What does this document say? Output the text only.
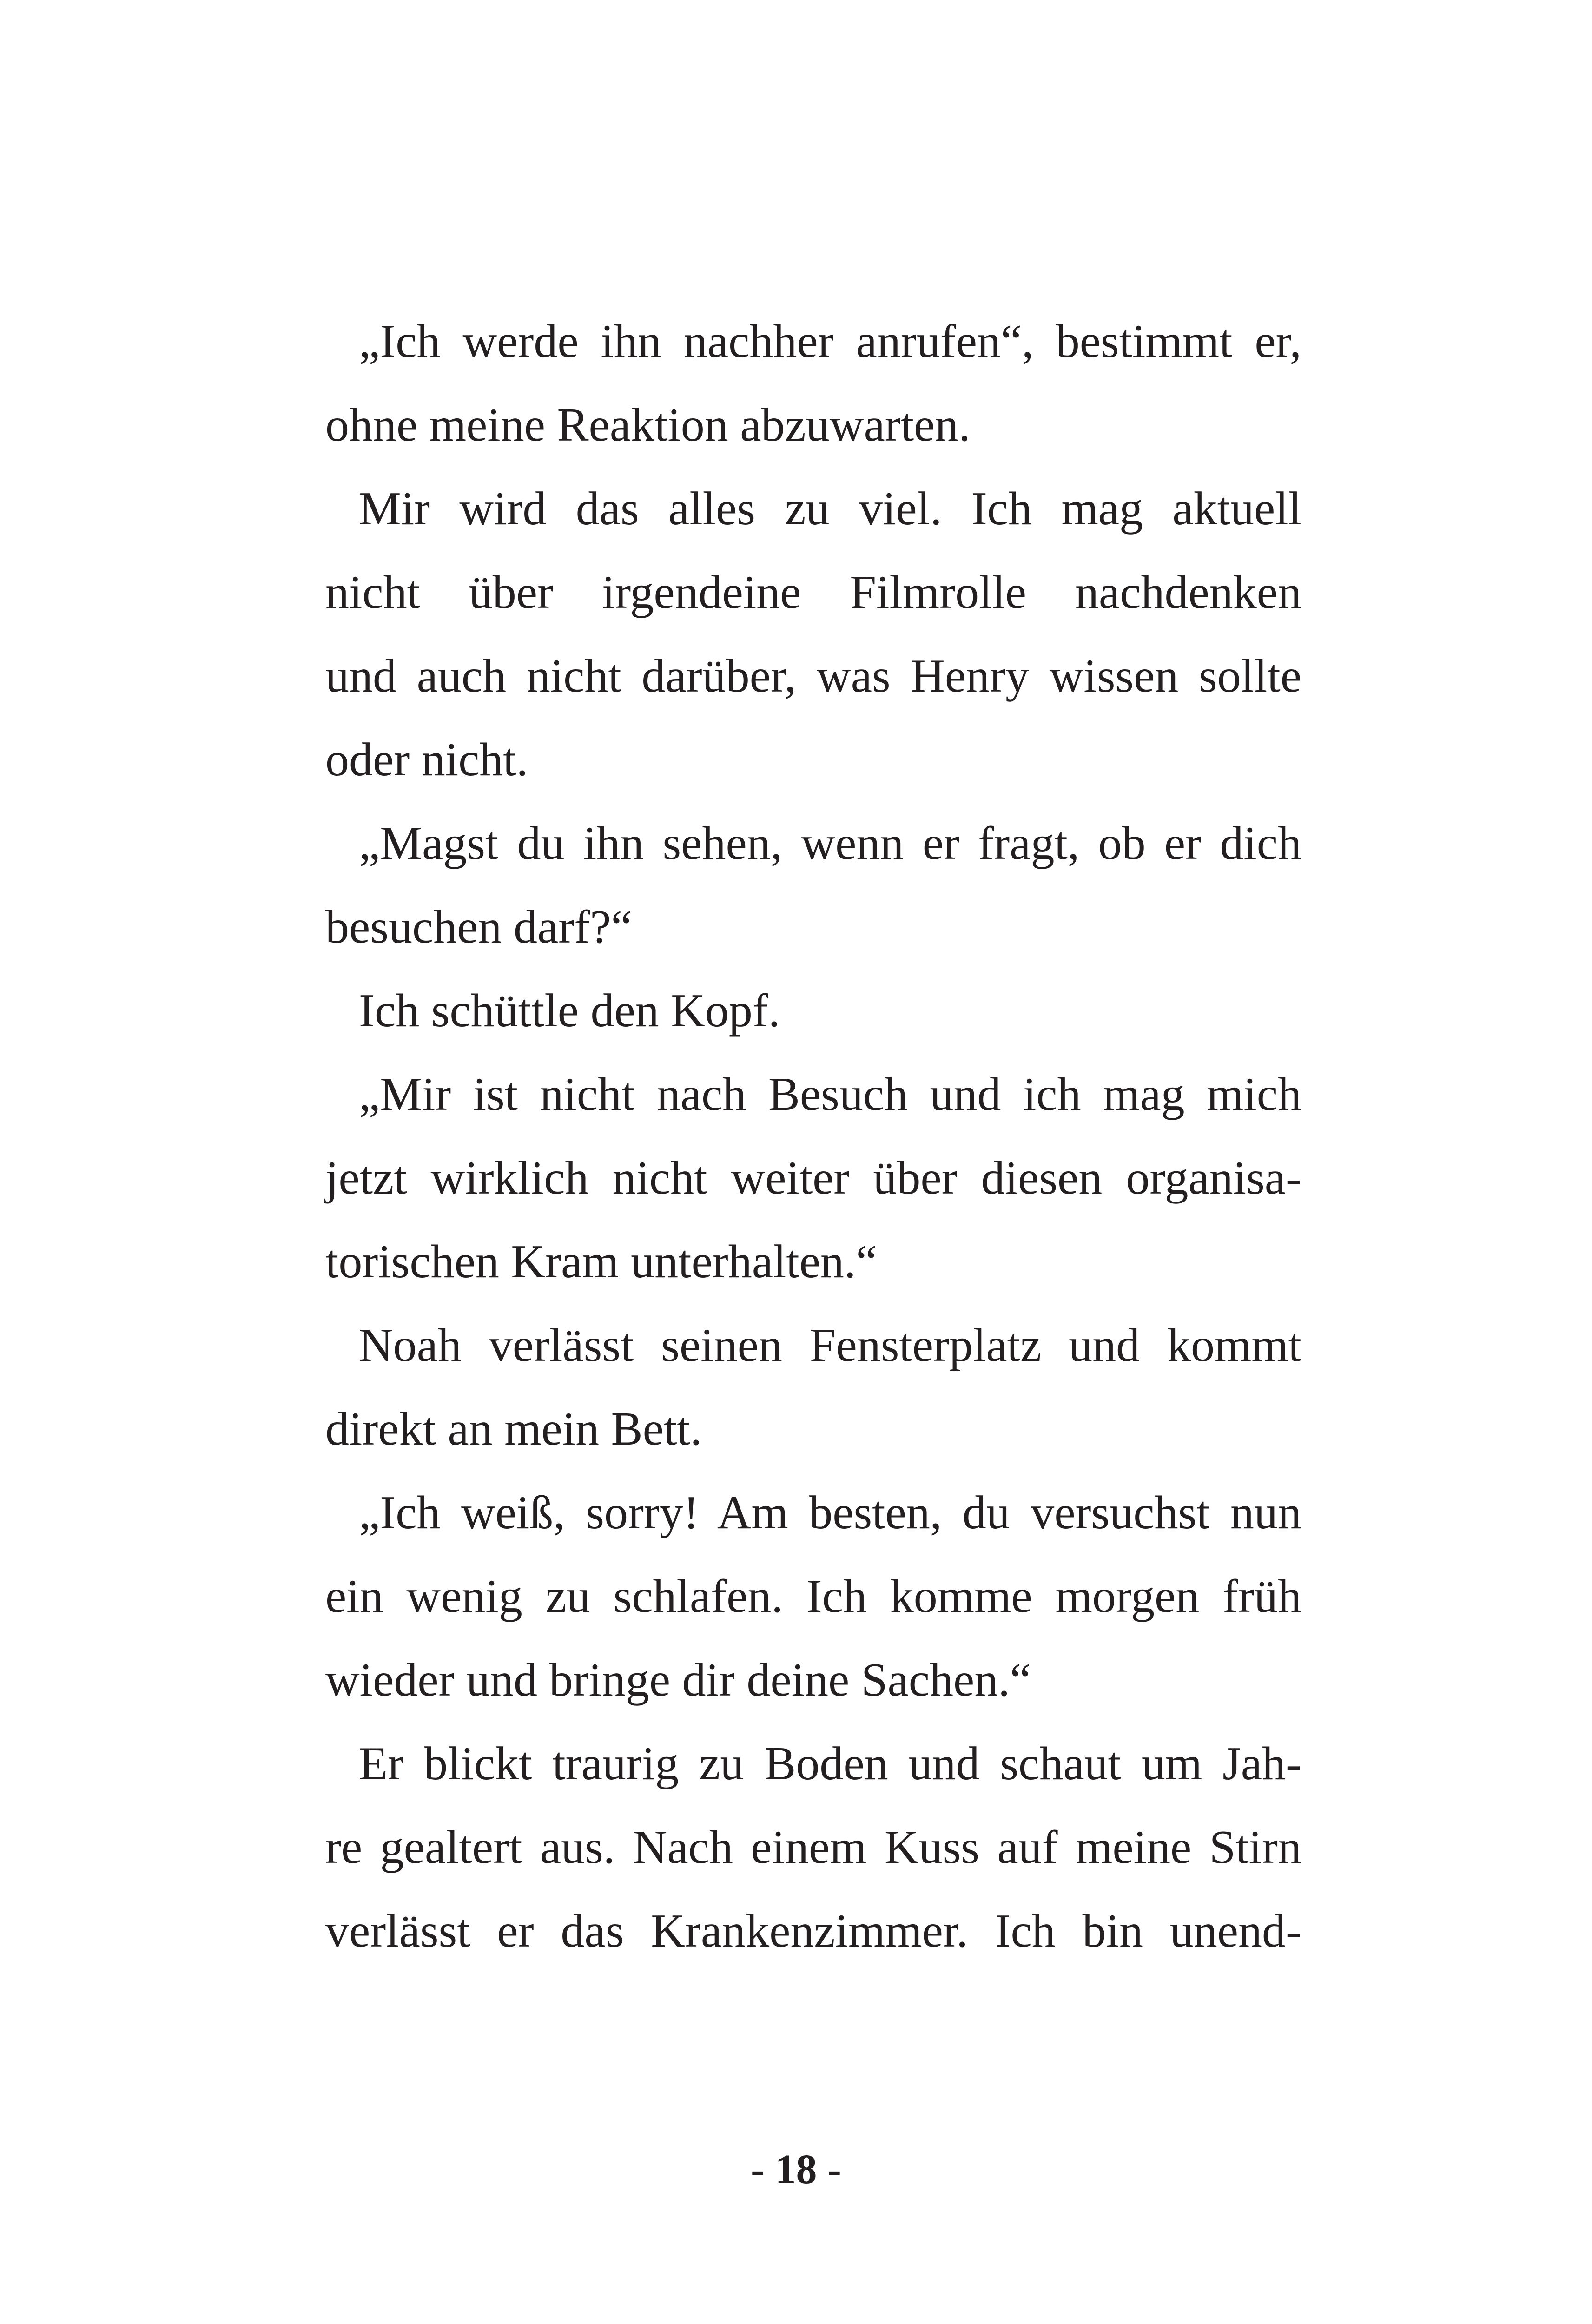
„Ich werde ihn nachher anrufen“, bestimmt er,
ohne meine Reaktion abzuwarten.
Mir wird das alles zu viel. Ich mag aktuell
nicht über irgendeine Filmrolle nachdenken
und auch nicht darüber, was Henry wissen sollte
oder nicht.
„Magst du ihn sehen, wenn er fragt, ob er dich
besuchen darf?“
Ich schüttle den Kopf.
„Mir ist nicht nach Besuch und ich mag mich
jetzt wirklich nicht weiter über diesen organisa-
torischen Kram unterhalten.“
Noah verlässt seinen Fensterplatz und kommt
direkt an mein Bett.
„Ich weiß, sorry! Am besten, du versuchst nun
ein wenig zu schlafen. Ich komme morgen früh
wieder und bringe dir deine Sachen.“
Er blickt traurig zu Boden und schaut um Jah-
re gealtert aus. Nach einem Kuss auf meine Stirn
verlässt er das Krankenzimmer. Ich bin unend-
- 18 -
